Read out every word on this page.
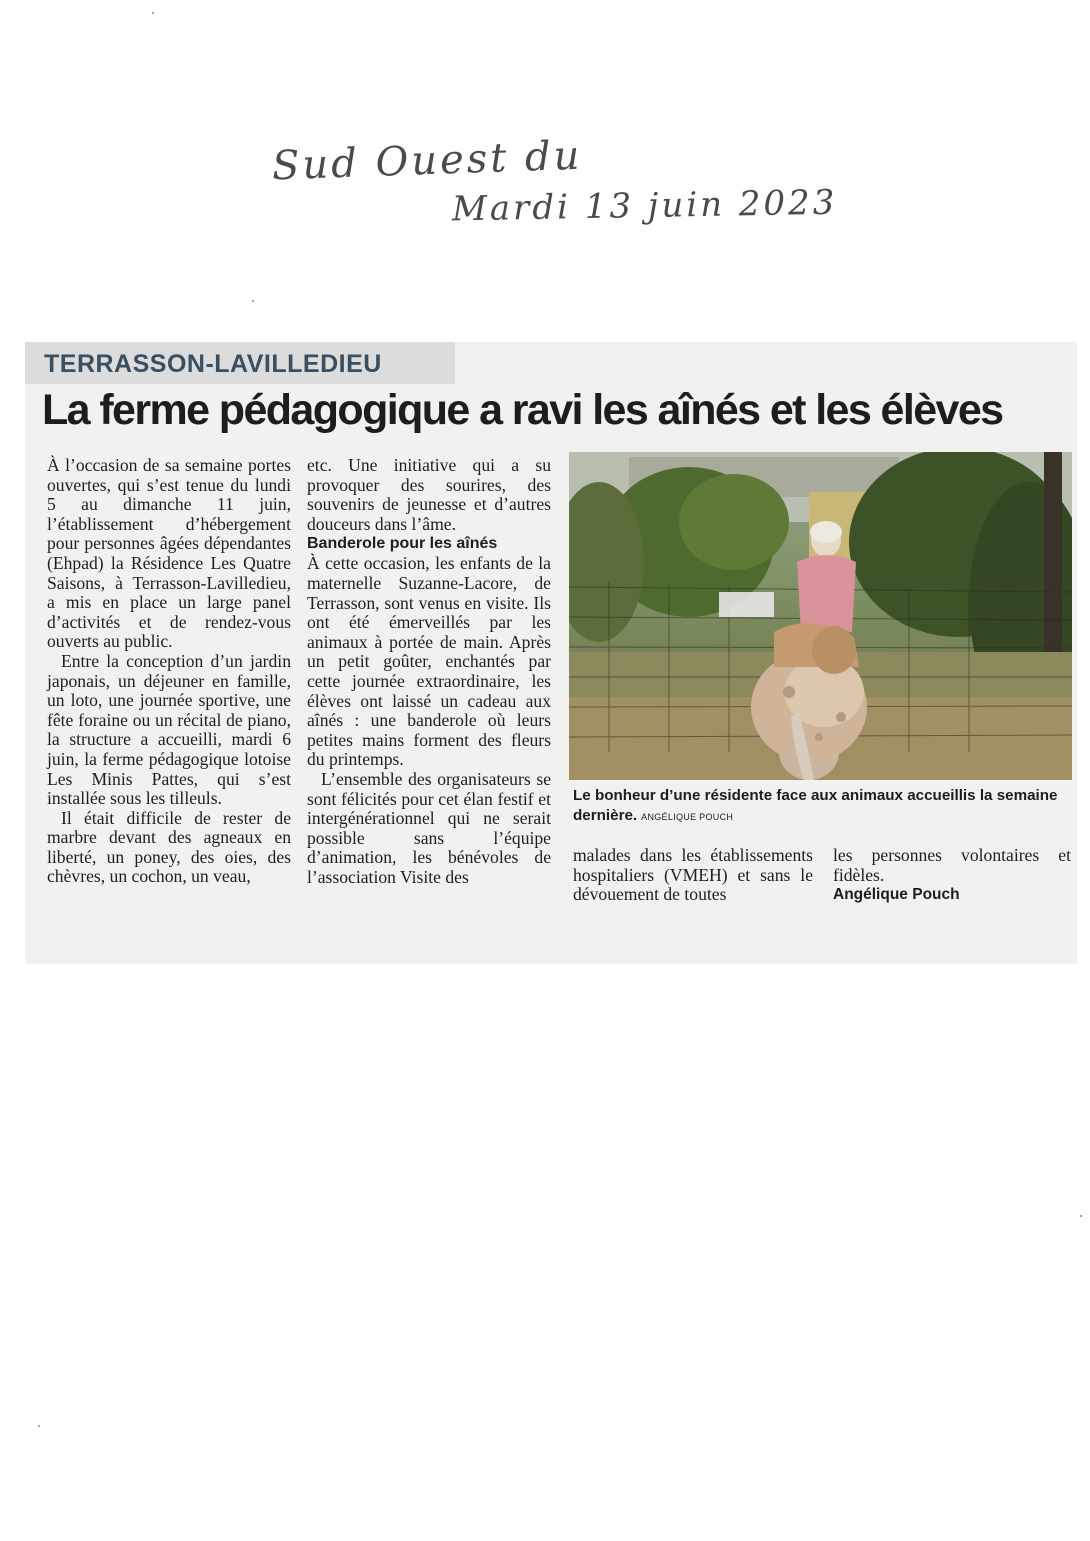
Sud Ouest du
Mardi 13 juin 2023
TERRASSON-LAVILLEDIEU
La ferme pédagogique a ravi les aînés et les élèves

À l’occasion de sa semaine portes ouvertes, qui s’est tenue du lundi 5 au dimanche 11 juin, l’établissement d’hébergement pour personnes âgées dépendantes (Ehpad) la Résidence Les Quatre Saisons, à Terrasson-Lavilledieu, a mis en place un large panel d’activités et de rendez-vous ouverts au public.

Entre la conception d’un jardin japonais, un déjeuner en famille, un loto, une journée sportive, une fête foraine ou un récital de piano, la structure a accueilli, mardi 6 juin, la ferme pédagogique lotoise Les Minis Pattes, qui s’est installée sous les tilleuls.

Il était difficile de rester de marbre devant des agneaux en liberté, un poney, des oies, des chèvres, un cochon, un veau,

etc. Une initiative qui a su provoquer des sourires, des souvenirs de jeunesse et d’autres douceurs dans l’âme.

Banderole pour les aînés

À cette occasion, les enfants de la maternelle Suzanne-Lacore, de Terrasson, sont venus en visite. Ils ont été émerveillés par les animaux à portée de main. Après un petit goûter, enchantés par cette journée extraordinaire, les élèves ont laissé un cadeau aux aînés : une banderole où leurs petites mains forment des fleurs du printemps.

L’ensemble des organisateurs se sont félicités pour cet élan festif et intergénérationnel qui ne serait possible sans l’équipe d’animation, les bénévoles de l’association Visite des

Le bonheur d’une résidente face aux animaux accueillis la semaine dernière. ANGÉLIQUE POUCH

malades dans les établissements hospitaliers (VMEH) et sans le dévouement de toutes

les personnes volontaires et fidèles.

Angélique Pouch
